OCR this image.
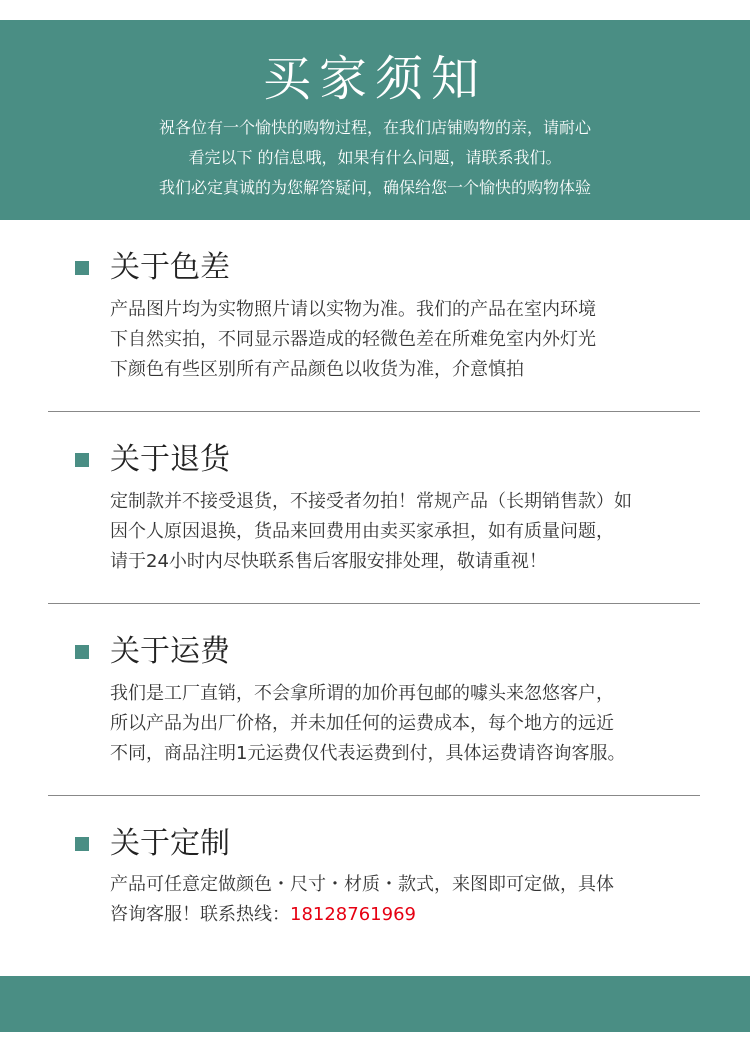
买家须知
祝各位有一个愉快的购物过程，在我们店铺购物的亲，请耐心
看完以下 的信息哦，如果有什么问题，请联系我们。
我们必定真诚的为您解答疑问，确保给您一个愉快的购物体验
关于色差
产品图片均为实物照片请以实物为准。我们的产品在室内环境
下自然实拍，不同显示器造成的轻微色差在所难免室内外灯光
下颜色有些区别所有产品颜色以收货为准，介意慎拍
关于退货
定制款并不接受退货，不接受者勿拍！常规产品（长期销售款）如
因个人原因退换，货品来回费用由卖买家承担，如有质量问题，
请于24小时内尽快联系售后客服安排处理，敬请重视！
关于运费
我们是工厂直销，不会拿所谓的加价再包邮的噱头来忽悠客户，
所以产品为出厂价格，并未加任何的运费成本，每个地方的远近
不同，商品注明1元运费仅代表运费到付，具体运费请咨询客服。
关于定制
产品可任意定做颜色・尺寸・材质・款式，来图即可定做，具体
咨询客服！联系热线：18128761969
